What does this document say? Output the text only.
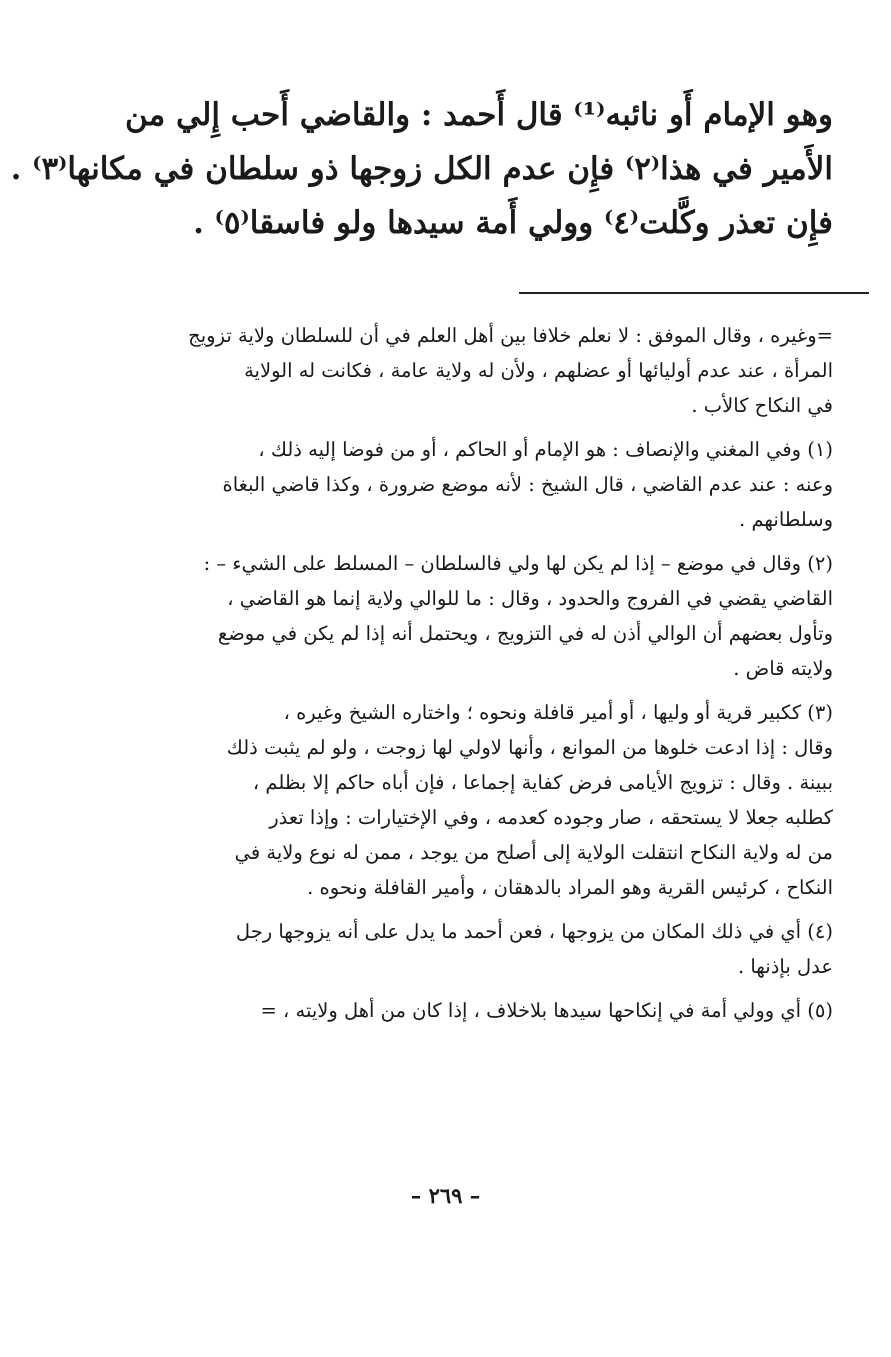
وهو الإمام أَو نائبه⁽¹⁾ قال أَحمد : والقاضي أَحب إِلي من
الأَمير في هذا⁽٢⁾ فإِن عدم الكل زوجها ذو سلطان في مكانها⁽٣⁾ .
فإِن تعذر وكَّلت⁽٤⁾ وولي أَمة سيدها ولو فاسقا⁽٥⁾ .
=وغيره ، وقال الموفق : لا نعلم خلافا بين أهل العلم في أن للسلطان ولاية تزويج
المرأة ، عند عدم أوليائها أو عضلهم ، ولأن له ولاية عامة ، فكانت له الولاية
في النكاح كالأب .
(١) وفي المغني والإنصاف : هو الإمام أو الحاكم ، أو من فوضا إليه ذلك ،
وعنه : عند عدم القاضي ، قال الشيخ : لأنه موضع ضرورة ، وكذا قاضي البغاة
وسلطانهم .
(٢) وقال في موضع – إذا لم يكن لها ولي فالسلطان – المسلط على الشيء – :
القاضي يقضي في الفروج والحدود ، وقال : ما للوالي ولاية إنما هو القاضي ،
وتأول بعضهم أن الوالي أذن له في التزويج ، ويحتمل أنه إذا لم يكن في موضع
ولايته قاض .
(٣) ككبير قرية أو وليها ، أو أمير قافلة ونحوه ؛ واختاره الشيخ وغيره ،
وقال : إذا ادعت خلوها من الموانع ، وأنها لاولي لها زوجت ، ولو لم يثبت ذلك
ببينة . وقال : تزويج الأيامى فرض كفاية إجماعا ، فإن أباه حاكم إلا بظلم ،
كطلبه جعلا لا يستحقه ، صار وجوده كعدمه ، وفي الإختيارات : وإذا تعذر
من له ولاية النكاح انتقلت الولاية إلى أصلح من يوجد ، ممن له نوع ولاية في
النكاح ، كرئيس القرية وهو المراد بالدهقان ، وأمير القافلة ونحوه .
(٤) أي في ذلك المكان من يزوجها ، فعن أحمد ما يدل على أنه يزوجها رجل
عدل بإذنها .
(٥) أي وولي أمة في إنكاحها سيدها بلاخلاف ، إذا كان من أهل ولايته ، =
– ٢٦٩ –
